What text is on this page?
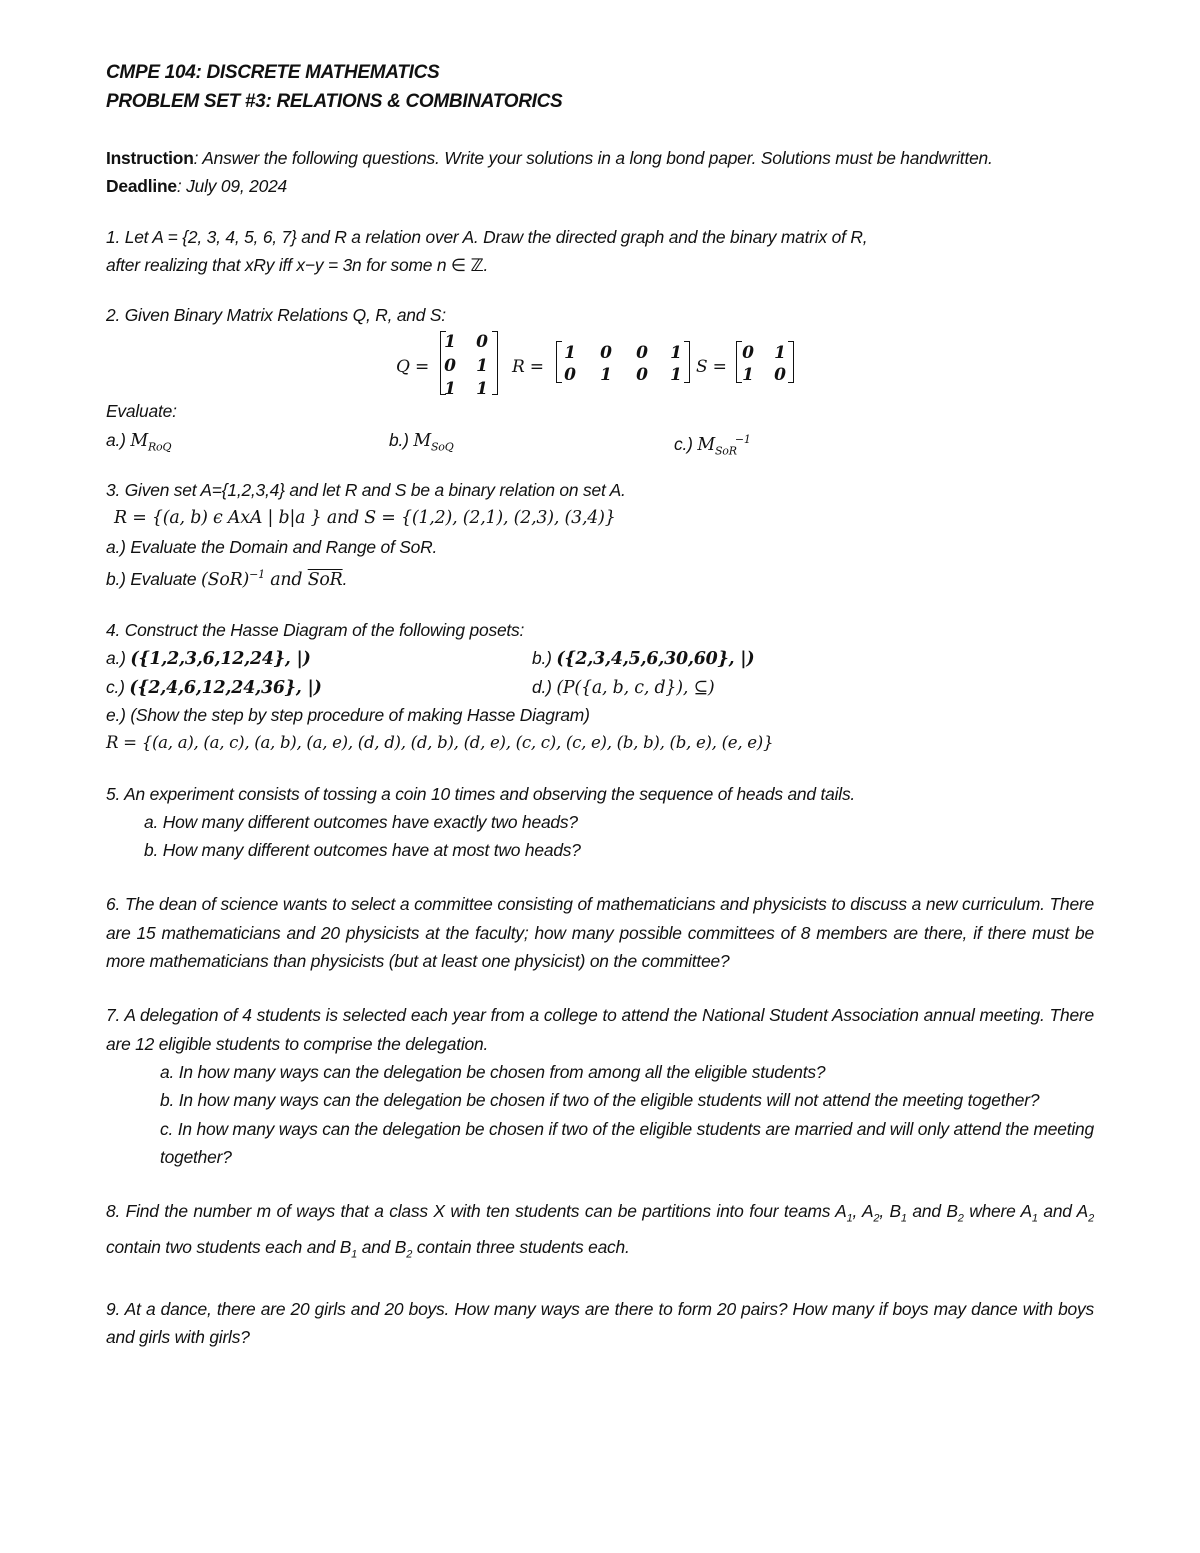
CMPE 104: DISCRETE MATHEMATICS
PROBLEM SET #3: RELATIONS & COMBINATORICS
Instruction: Answer the following questions. Write your solutions in a long bond paper. Solutions must be handwritten.
Deadline: July 09, 2024
1. Let A = {2, 3, 4, 5, 6, 7} and R a relation over A. Draw the directed graph and the binary matrix of R,
after realizing that xRy iff x−y = 3n for some n ∈ ℤ.
2. Given Binary Matrix Relations Q, R, and S:
Q =
1 0
0 1
1 1
R =
1 0 0 1
0 1 0 1 S =
0 1
1 0
Evaluate:
a.) $M_{RoQ}$	b.) $M_{SoQ}$	c.) $M_{SoR}^{-1}$
3. Given set A={1,2,3,4} and let R and S be a binary relation on set A.
R = {(a, b) ϵ AxA | b|a } and S = {(1,2), (2,1), (2,3), (3,4)}
a.) Evaluate the Domain and Range of SoR.
b.) Evaluate (SoR)$^{-1}$ and $\overline{SoR}$.
4. Construct the Hasse Diagram of the following posets:
a.) ({1,2,3,6,12,24}, |)	b.) ({2,3,4,5,6,30,60}, |)
c.) ({2,4,6,12,24,36}, |)	d.) (P({a, b, c, d}), ⊆)
e.) (Show the step by step procedure of making Hasse Diagram)
R = {(a, a), (a, c), (a, b), (a, e), (d, d), (d, b), (d, e), (c, c), (c, e), (b, b), (b, e), (e, e)}
5. An experiment consists of tossing a coin 10 times and observing the sequence of heads and tails.
a. How many different outcomes have exactly two heads?
b. How many different outcomes have at most two heads?
6. The dean of science wants to select a committee consisting of mathematicians and physicists to discuss a new curriculum. There are 15 mathematicians and 20 physicists at the faculty; how many possible committees of 8 members are there, if there must be more mathematicians than physicists (but at least one physicist) on the committee?
7. A delegation of 4 students is selected each year from a college to attend the National Student Association annual meeting. There are 12 eligible students to comprise the delegation.
a. In how many ways can the delegation be chosen from among all the eligible students?
b. In how many ways can the delegation be chosen if two of the eligible students will not attend the meeting together?
c. In how many ways can the delegation be chosen if two of the eligible students are married and will only attend the meeting together?
8. Find the number m of ways that a class X with ten students can be partitions into four teams $A_1$, $A_2$, $B_1$ and $B_2$ where $A_1$ and $A_2$ contain two students each and $B_1$ and $B_2$ contain three students each.
9. At a dance, there are 20 girls and 20 boys. How many ways are there to form 20 pairs? How many if boys may dance with boys and girls with girls?
